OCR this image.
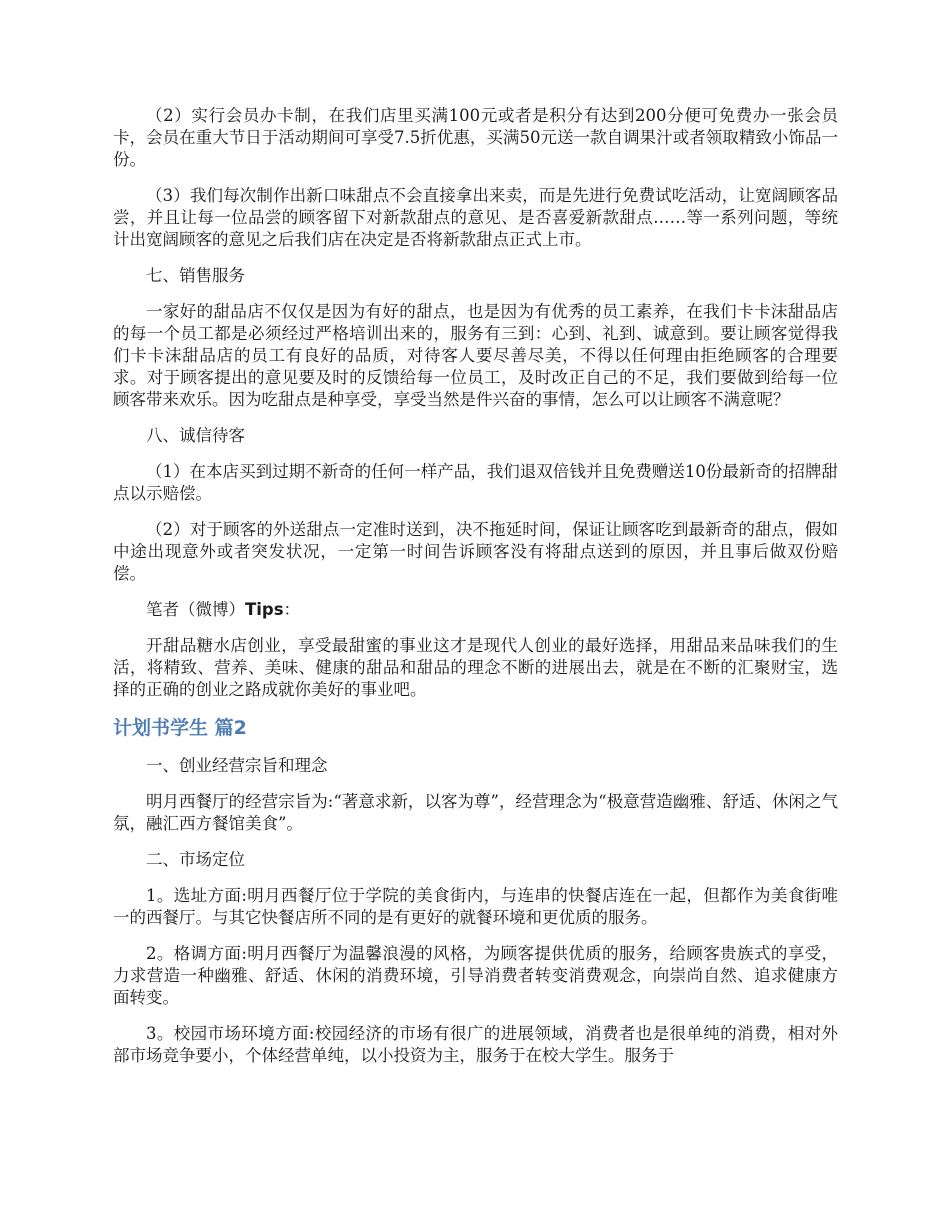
（2）实行会员办卡制，在我们店里买满100元或者是积分有达到200分便可免费办一张会员卡，会员在重大节日于活动期间可享受7.5折优惠，买满50元送一款自调果汁或者领取精致小饰品一份。

（3）我们每次制作出新口味甜点不会直接拿出来卖，而是先进行免费试吃活动，让宽阔顾客品尝，并且让每一位品尝的顾客留下对新款甜点的意见、是否喜爱新款甜点……等一系列问题，等统计出宽阔顾客的意见之后我们店在决定是否将新款甜点正式上市。

七、销售服务

一家好的甜品店不仅仅是因为有好的甜点，也是因为有优秀的员工素养，在我们卡卡沫甜品店的每一个员工都是必须经过严格培训出来的，服务有三到：心到、礼到、诚意到。要让顾客觉得我们卡卡沫甜品店的员工有良好的品质，对待客人要尽善尽美，不得以任何理由拒绝顾客的合理要求。对于顾客提出的意见要及时的反馈给每一位员工，及时改正自己的不足，我们要做到给每一位顾客带来欢乐。因为吃甜点是种享受，享受当然是件兴奋的事情，怎么可以让顾客不满意呢？

八、诚信待客

（1）在本店买到过期不新奇的任何一样产品，我们退双倍钱并且免费赠送10份最新奇的招牌甜点以示赔偿。

（2）对于顾客的外送甜点一定准时送到，决不拖延时间，保证让顾客吃到最新奇的甜点，假如中途出现意外或者突发状况，一定第一时间告诉顾客没有将甜点送到的原因，并且事后做双份赔偿。

笔者（微博）Tips：

开甜品糖水店创业，享受最甜蜜的事业这才是现代人创业的最好选择，用甜品来品味我们的生活，将精致、营养、美味、健康的甜品和甜品的理念不断的进展出去，就是在不断的汇聚财宝，选择的正确的创业之路成就你美好的事业吧。

计划书学生 篇2

一、创业经营宗旨和理念

明月西餐厅的经营宗旨为:“著意求新，以客为尊”，经营理念为“极意营造幽雅、舒适、休闲之气氛，融汇西方餐馆美食”。

二、市场定位

1。选址方面:明月西餐厅位于学院的美食街内，与连串的快餐店连在一起，但都作为美食街唯一的西餐厅。与其它快餐店所不同的是有更好的就餐环境和更优质的服务。

2。格调方面:明月西餐厅为温馨浪漫的风格，为顾客提供优质的服务，给顾客贵族式的享受，力求营造一种幽雅、舒适、休闲的消费环境，引导消费者转变消费观念，向崇尚自然、追求健康方面转变。

3。校园市场环境方面:校园经济的市场有很广的进展领域，消费者也是很单纯的消费，相对外部市场竞争要小，个体经营单纯，以小投资为主，服务于在校大学生。服务于
